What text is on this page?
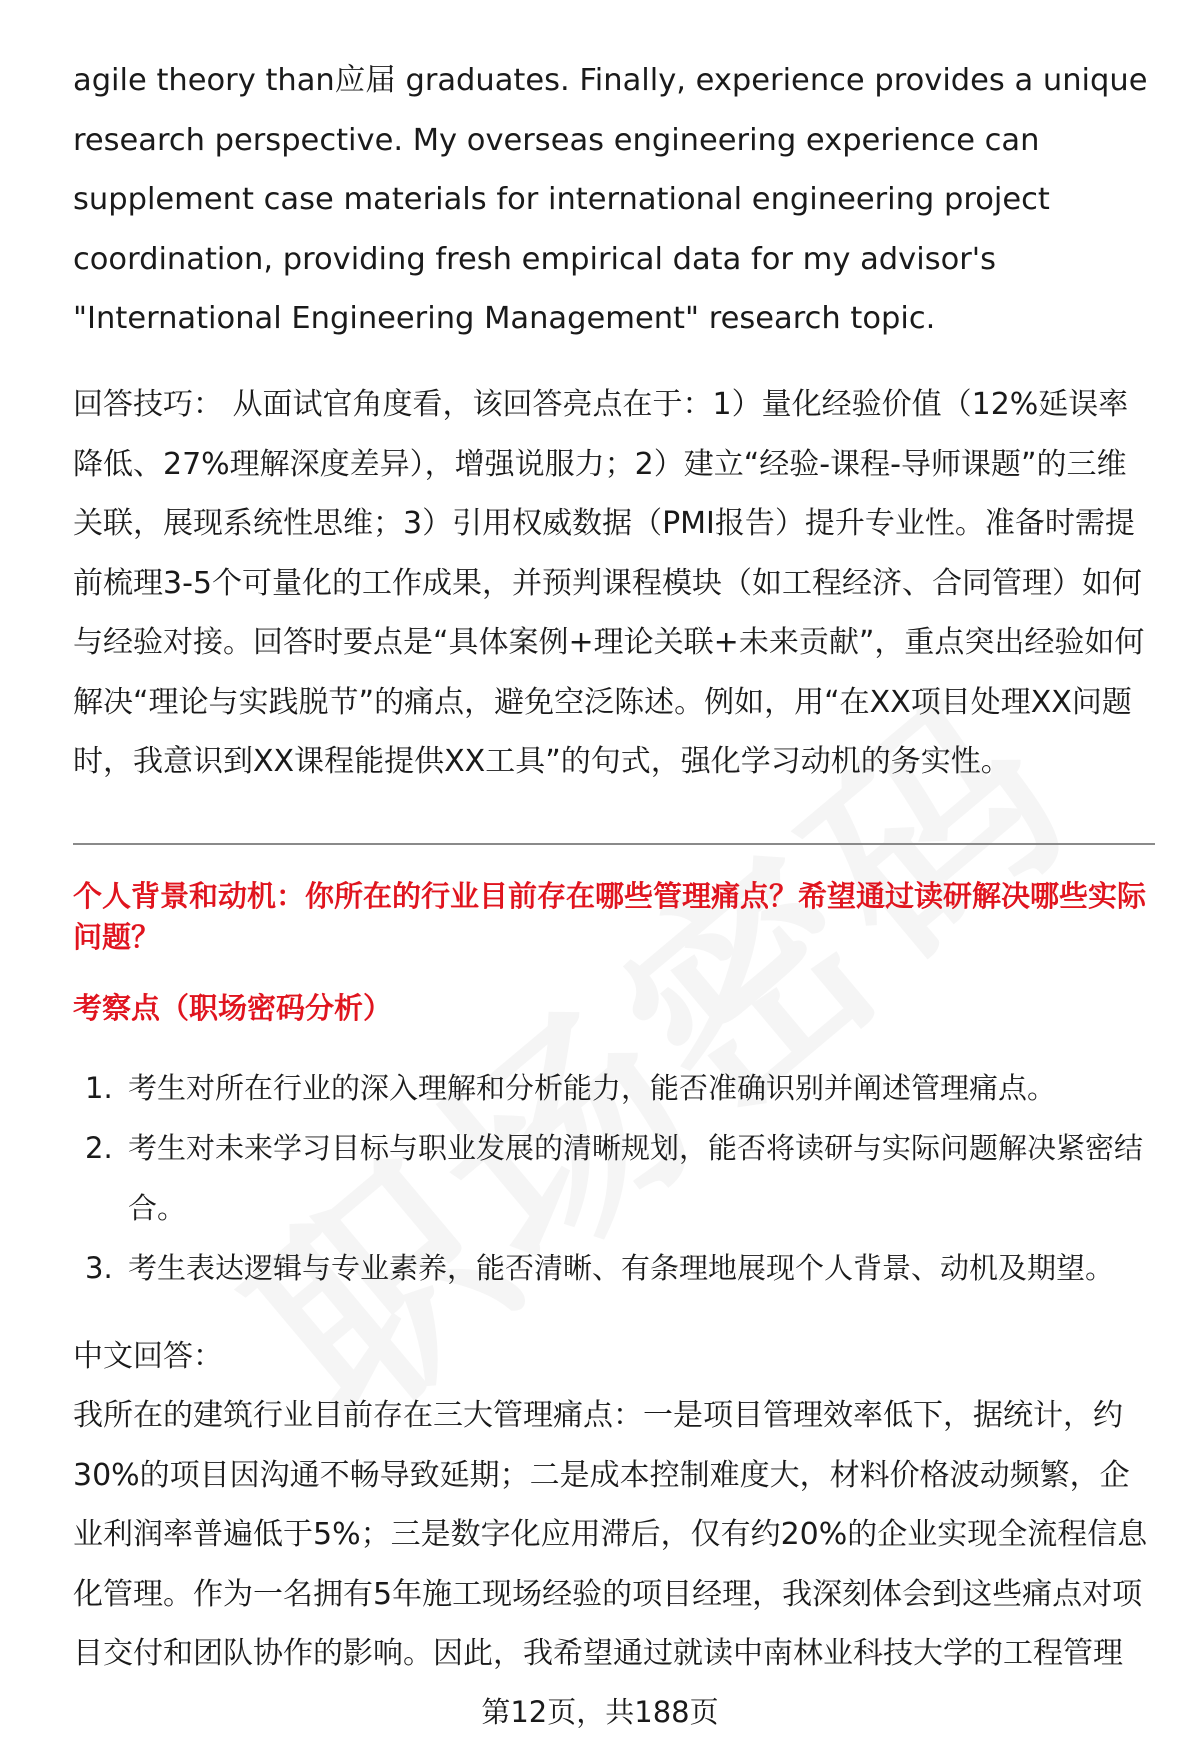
agile theory than应届 graduates. Finally, experience provides a unique research perspective. My overseas engineering experience can supplement case materials for international engineering project coordination, providing fresh empirical data for my advisor's "International Engineering Management" research topic.

回答技巧： 从面试官角度看，该回答亮点在于：1）量化经验价值（12%延误率降低、27%理解深度差异），增强说服力；2）建立“经验-课程-导师课题”的三维关联，展现系统性思维；3）引用权威数据（PMI报告）提升专业性。准备时需提前梳理3-5个可量化的工作成果，并预判课程模块（如工程经济、合同管理）如何与经验对接。回答时要点是“具体案例+理论关联+未来贡献”，重点突出经验如何解决“理论与实践脱节”的痛点，避免空泛陈述。例如，用“在XX项目处理XX问题时，我意识到XX课程能提供XX工具”的句式，强化学习动机的务实性。

个人背景和动机：你所在的行业目前存在哪些管理痛点？希望通过读研解决哪些实际问题？

考察点（职场密码分析）

1. 考生对所在行业的深入理解和分析能力，能否准确识别并阐述管理痛点。
2. 考生对未来学习目标与职业发展的清晰规划，能否将读研与实际问题解决紧密结合。
3. 考生表达逻辑与专业素养，能否清晰、有条理地展现个人背景、动机及期望。

中文回答：

我所在的建筑行业目前存在三大管理痛点：一是项目管理效率低下，据统计，约30%的项目因沟通不畅导致延期；二是成本控制难度大，材料价格波动频繁，企业利润率普遍低于5%；三是数字化应用滞后，仅有约20%的企业实现全流程信息化管理。作为一名拥有5年施工现场经验的项目经理，我深刻体会到这些痛点对项目交付和团队协作的影响。因此，我希望通过就读中南林业科技大学的工程管理

第12页，共188页
